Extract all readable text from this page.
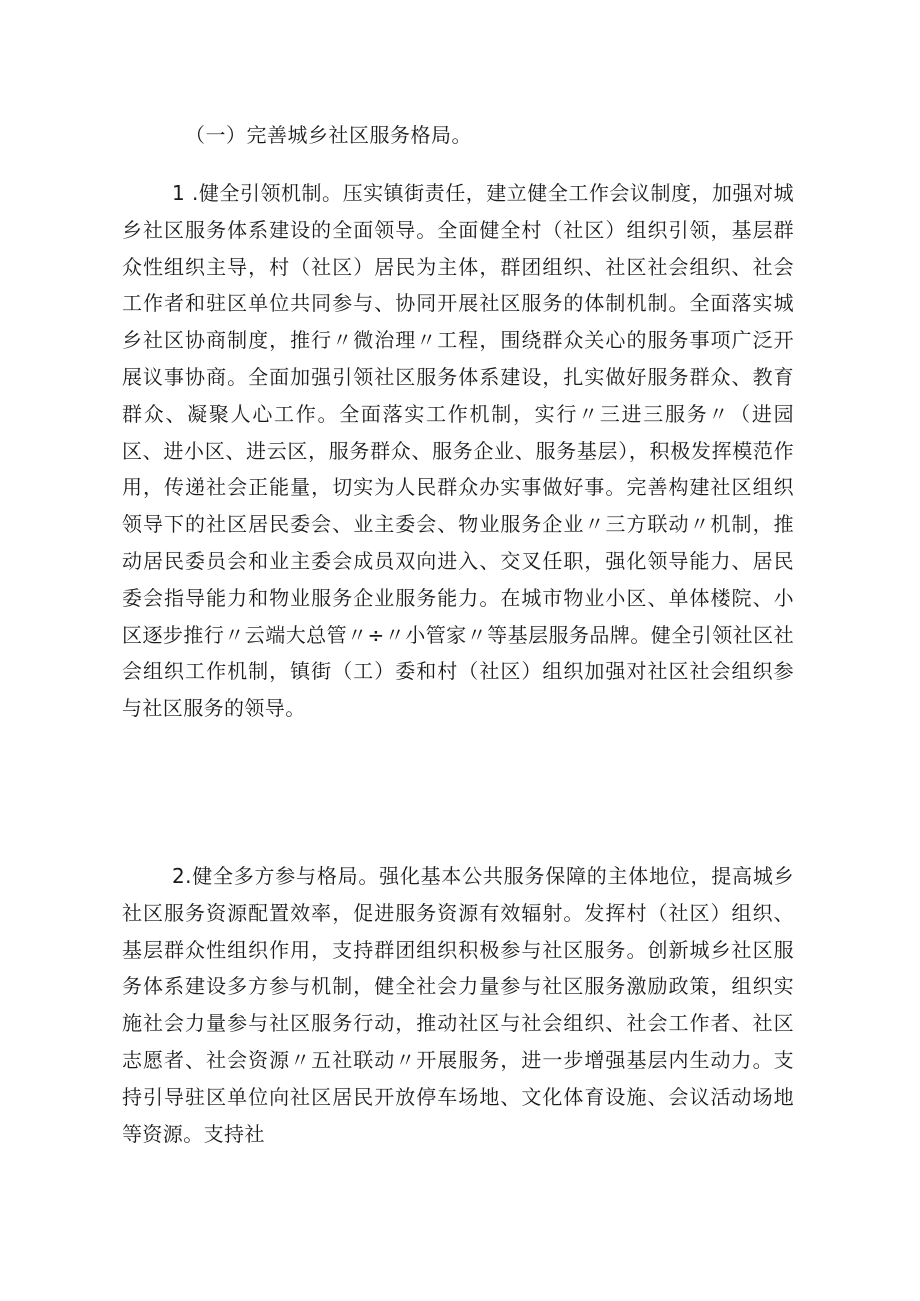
（一）完善城乡社区服务格局。

1 .健全引领机制。压实镇街责任，建立健全工作会议制度，加强对城乡社区服务体系建设的全面领导。全面健全村（社区）组织引领，基层群众性组织主导，村（社区）居民为主体，群团组织、社区社会组织、社会工作者和驻区单位共同参与、协同开展社区服务的体制机制。全面落实城乡社区协商制度，推行〃微治理〃工程，围绕群众关心的服务事项广泛开展议事协商。全面加强引领社区服务体系建设，扎实做好服务群众、教育群众、凝聚人心工作。全面落实工作机制，实行〃三进三服务〃（进园区、进小区、进云区，服务群众、服务企业、服务基层），积极发挥模范作用，传递社会正能量，切实为人民群众办实事做好事。完善构建社区组织领导下的社区居民委会、业主委会、物业服务企业〃三方联动〃机制，推动居民委员会和业主委会成员双向进入、交叉任职，强化领导能力、居民委会指导能力和物业服务企业服务能力。在城市物业小区、单体楼院、小区逐步推行〃云端大总管〃÷〃小管家〃等基层服务品牌。健全引领社区社会组织工作机制，镇街（工）委和村（社区）组织加强对社区社会组织参与社区服务的领导。

2.健全多方参与格局。强化基本公共服务保障的主体地位，提高城乡社区服务资源配置效率，促进服务资源有效辐射。发挥村（社区）组织、基层群众性组织作用，支持群团组织积极参与社区服务。创新城乡社区服务体系建设多方参与机制，健全社会力量参与社区服务激励政策，组织实施社会力量参与社区服务行动，推动社区与社会组织、社会工作者、社区志愿者、社会资源〃五社联动〃开展服务，进一步增强基层内生动力。支持引导驻区单位向社区居民开放停车场地、文化体育设施、会议活动场地等资源。支持社
